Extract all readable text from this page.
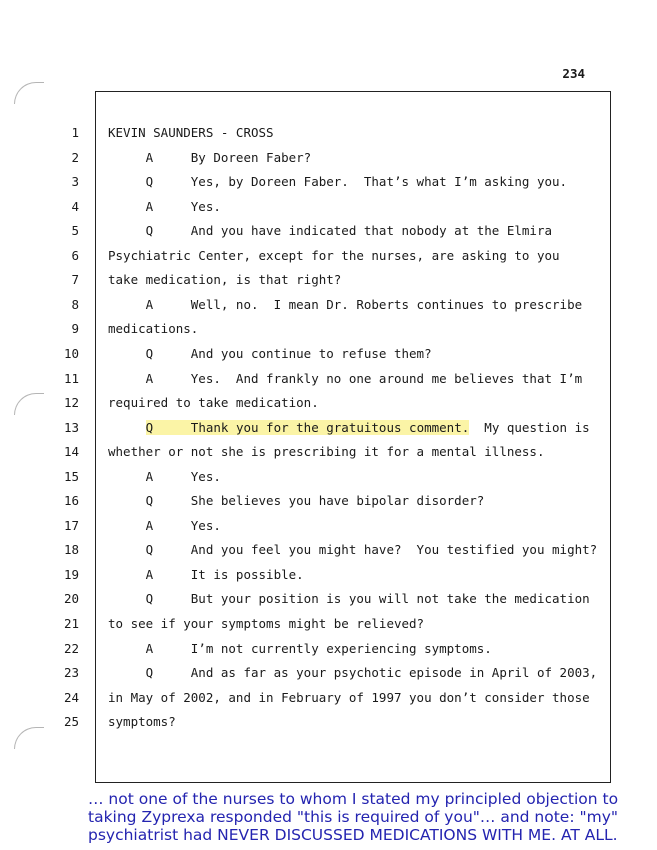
234
1 KEVIN SAUNDERS - CROSS
2 A     By Doreen Faber?
3 Q     Yes, by Doreen Faber.  That’s what I’m asking you.
4 A     Yes.
5 Q     And you have indicated that nobody at the Elmira
6 Psychiatric Center, except for the nurses, are asking to you
7 take medication, is that right?
8 A     Well, no.  I mean Dr. Roberts continues to prescribe
9 medications.
10 Q     And you continue to refuse them?
11 A     Yes.  And frankly no one around me believes that I’m
12 required to take medication.
13	Q     Thank you for the gratuitous comment.  My question is
14 whether or not she is prescribing it for a mental illness.
15 A     Yes.
16 Q     She believes you have bipolar disorder?
17 A     Yes.
18 Q     And you feel you might have?  You testified you might?
19 A     It is possible.
20 Q     But your position is you will not take the medication
21 to see if your symptoms might be relieved?
22 A     I’m not currently experiencing symptoms.
23 Q     And as far as your psychotic episode in April of 2003,
24 in May of 2002, and in February of 1997 you don’t consider those
25 symptoms?
… not one of the nurses to whom I stated my principled objection to taking Zyprexa responded "this is required of you"… and note: "my" psychiatrist had NEVER DISCUSSED MEDICATIONS WITH ME. AT ALL.
